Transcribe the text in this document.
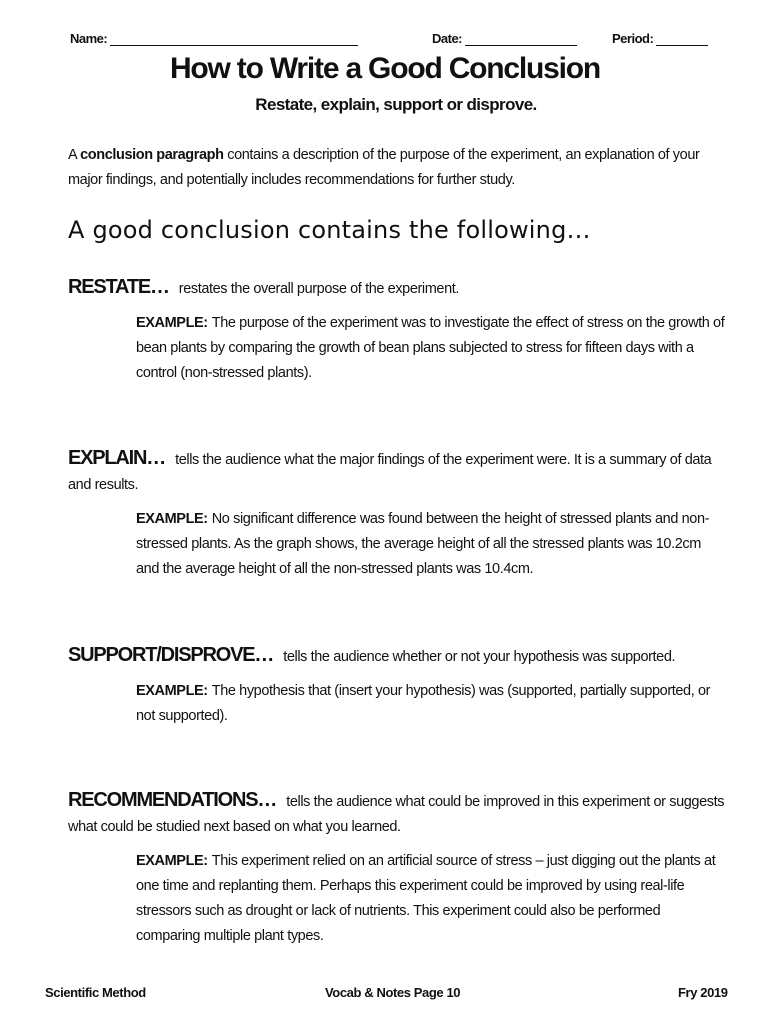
Name:	Date:	Period:
How to Write a Good Conclusion
Restate, explain, support or disprove.

A conclusion paragraph contains a description of the purpose of the experiment, an explanation of your major findings, and potentially includes recommendations for further study.

A good conclusion contains the following…

RESTATE… restates the overall purpose of the experiment.

EXAMPLE: The purpose of the experiment was to investigate the effect of stress on the growth of bean plants by comparing the growth of bean plans subjected to stress for fifteen days with a control (non-stressed plants).

EXPLAIN… tells the audience what the major findings of the experiment were. It is a summary of data and results.

EXAMPLE: No significant difference was found between the height of stressed plants and non-stressed plants. As the graph shows, the average height of all the stressed plants was 10.2cm and the average height of all the non-stressed plants was 10.4cm.

SUPPORT/DISPROVE… tells the audience whether or not your hypothesis was supported.

EXAMPLE: The hypothesis that (insert your hypothesis) was (supported, partially supported, or not supported).

RECOMMENDATIONS… tells the audience what could be improved in this experiment or suggests what could be studied next based on what you learned.

EXAMPLE: This experiment relied on an artificial source of stress – just digging out the plants at one time and replanting them. Perhaps this experiment could be improved by using real-life stressors such as drought or lack of nutrients. This experiment could also be performed comparing multiple plant types.

Scientific Method	Vocab & Notes Page 10	Fry 2019
